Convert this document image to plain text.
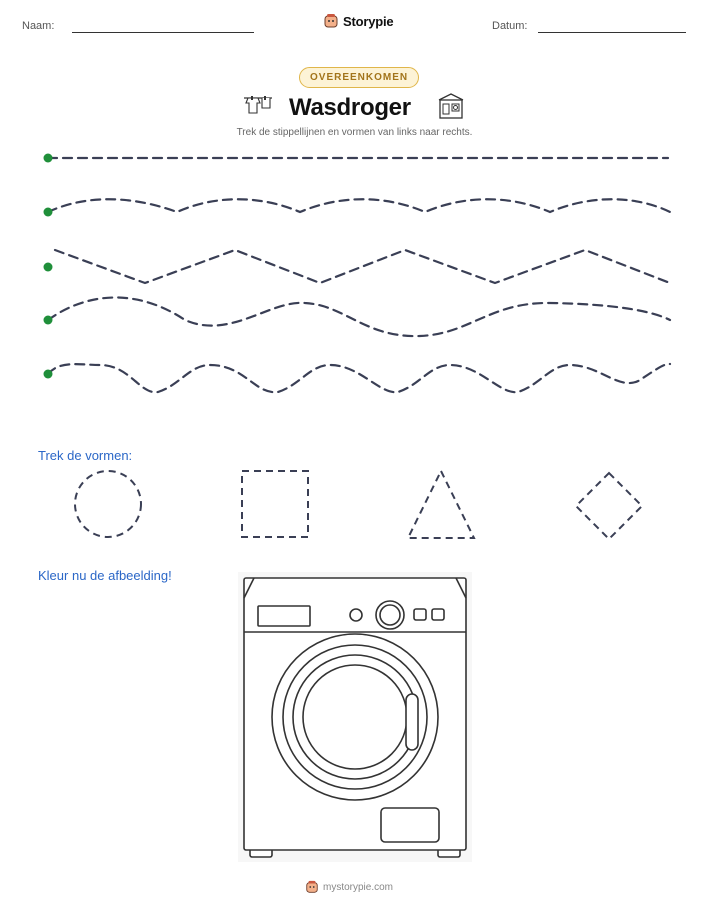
Naam:	Storypie	Datum:
OVEREENKOMEN
Wasdroger
Trek de stippellijnen en vormen van links naar rechts.
Trek de vormen:
Kleur nu de afbeelding!
mystorypie.com
